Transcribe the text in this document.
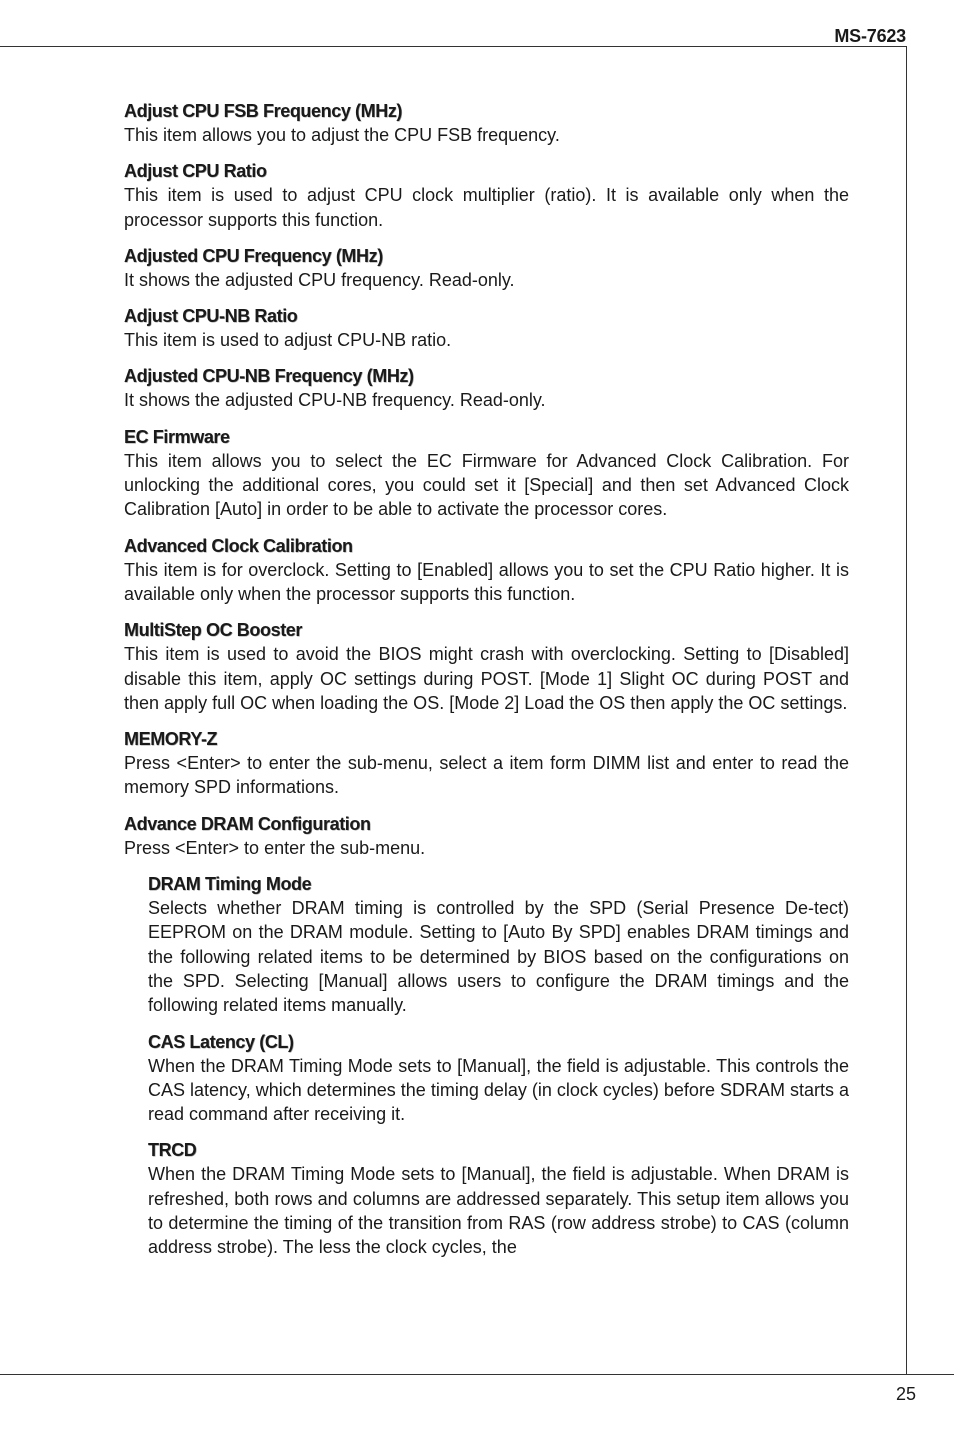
MS-7623
25
Adjust CPU FSB Frequency (MHz)

This item allows you to adjust the CPU FSB frequency.

Adjust CPU Ratio

This item is used to adjust CPU clock multiplier (ratio). It is available only when the processor supports this function.

Adjusted CPU Frequency (MHz)

It shows the adjusted CPU frequency. Read-only.

Adjust CPU-NB Ratio

This item is used to adjust CPU-NB ratio.

Adjusted CPU-NB Frequency (MHz)

It shows the adjusted CPU-NB frequency. Read-only.

EC Firmware

This item allows you to select the EC Firmware for Advanced Clock Calibration. For unlocking the additional cores, you could set it [Special] and then set Advanced Clock Calibration [Auto] in order to be able to activate the processor cores.

Advanced Clock Calibration

This item is for overclock. Setting to [Enabled] allows you to set the CPU Ratio higher. It is available only when the processor supports this function.

MultiStep OC Booster

This item is used to avoid the BIOS might crash with overclocking. Setting to [Disabled] disable this item, apply OC settings during POST. [Mode 1] Slight OC during POST and then apply full OC when loading the OS. [Mode 2] Load the OS then apply the OC settings.

MEMORY-Z

Press <Enter> to enter the sub-menu, select a item form DIMM list and enter to read the memory SPD informations.

Advance DRAM Configuration

Press <Enter> to enter the sub-menu.

DRAM Timing Mode

Selects whether DRAM timing is controlled by the SPD (Serial Presence De-tect) EEPROM on the DRAM module. Setting to [Auto By SPD] enables DRAM timings and the following related items to be determined by BIOS based on the configurations on the SPD. Selecting [Manual] allows users to configure the DRAM timings and the following related items manually.

CAS Latency (CL)

When the DRAM Timing Mode sets to [Manual], the field is adjustable. This controls the CAS latency, which determines the timing delay (in clock cycles) before SDRAM starts a read command after receiving it.

TRCD

When the DRAM Timing Mode sets to [Manual], the field is adjustable. When DRAM is refreshed, both rows and columns are addressed separately. This setup item allows you to determine the timing of the transition from RAS (row address strobe) to CAS (column address strobe). The less the clock cycles, the
